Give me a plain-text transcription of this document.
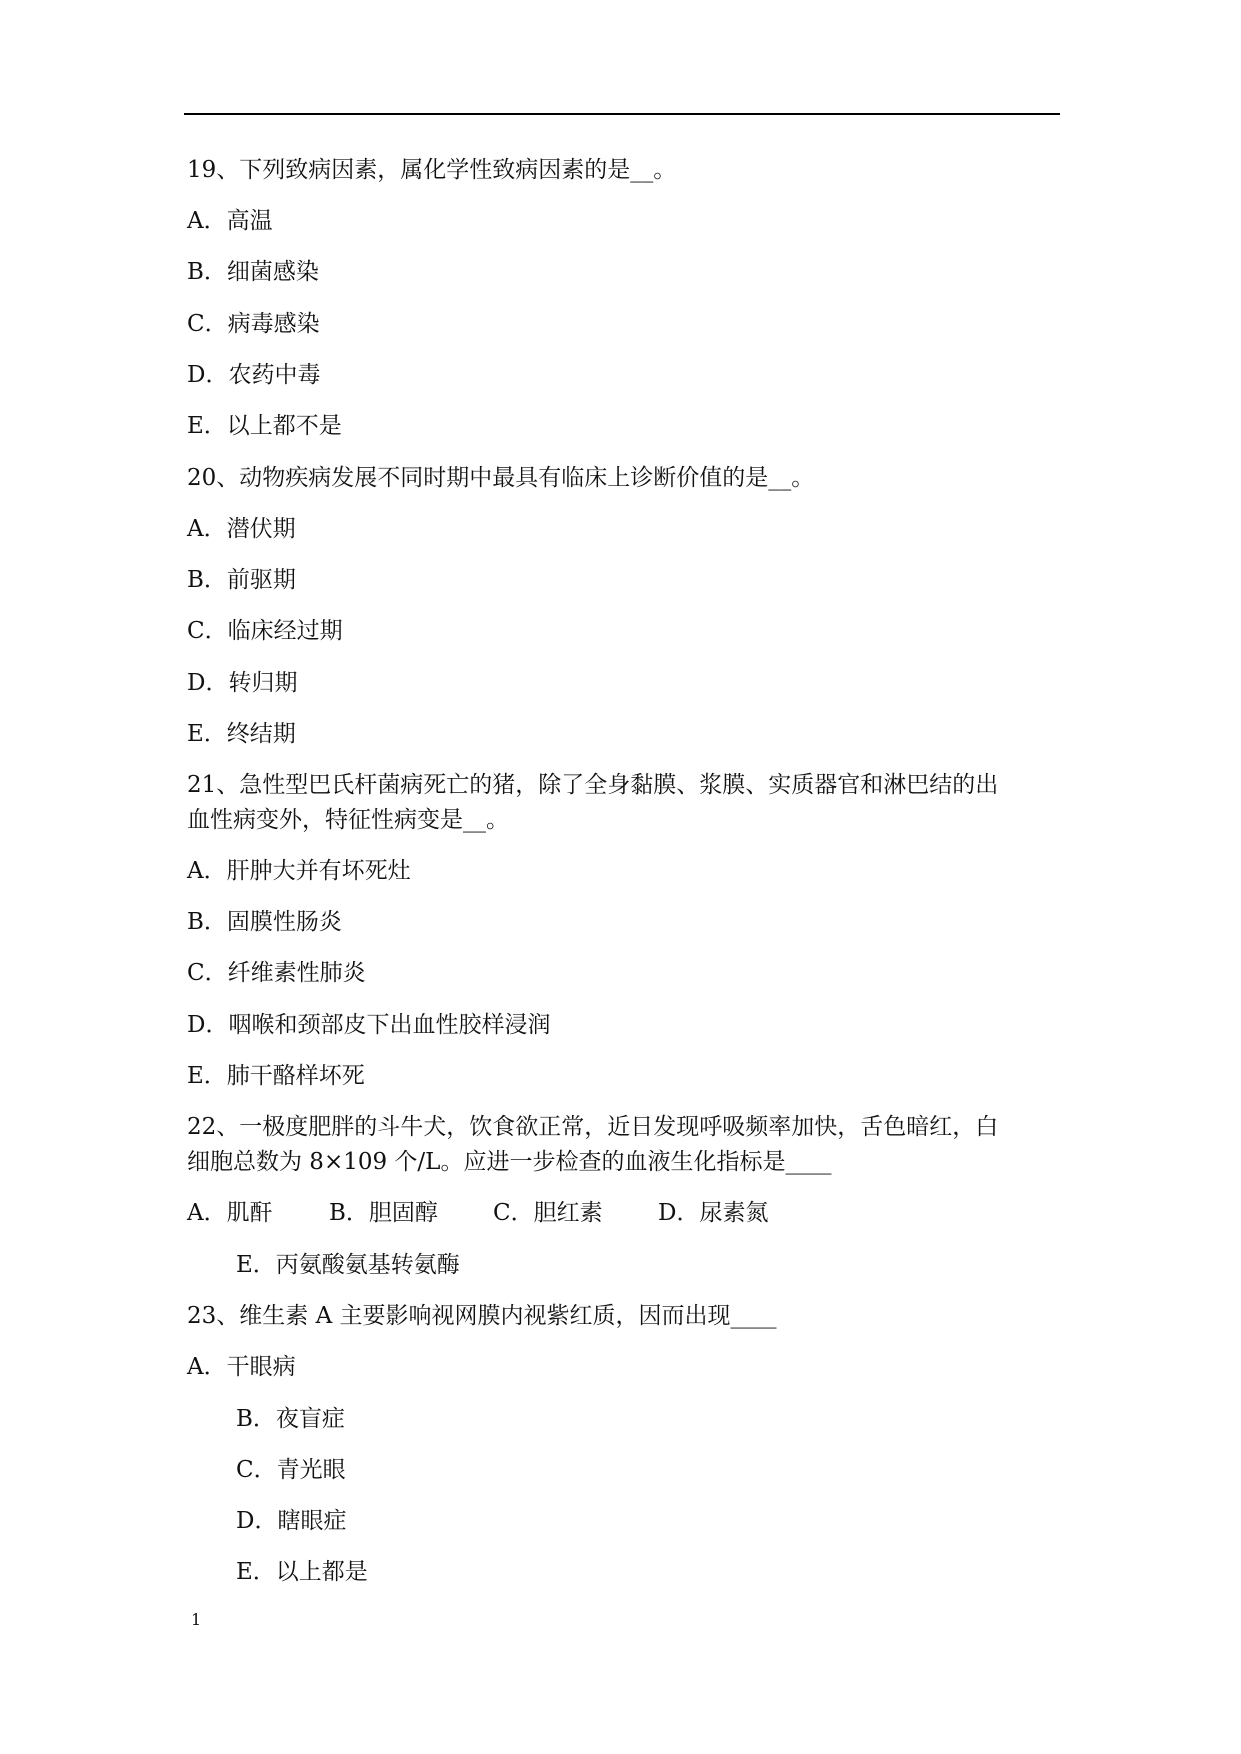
19、下列致病因素，属化学性致病因素的是__。
A．高温
B．细菌感染
C．病毒感染
D．农药中毒
E．以上都不是
20、动物疾病发展不同时期中最具有临床上诊断价值的是__。
A．潜伏期
B．前驱期
C．临床经过期
D．转归期
E．终结期
21、急性型巴氏杆菌病死亡的猪，除了全身黏膜、浆膜、实质器官和淋巴结的出
血性病变外，特征性病变是__。
A．肝肿大并有坏死灶
B．固膜性肠炎
C．纤维素性肺炎
D．咽喉和颈部皮下出血性胶样浸润
E．肺干酪样坏死
22、一极度肥胖的斗牛犬，饮食欲正常，近日发现呼吸频率加快，舌色暗红，白
细胞总数为 8×109 个/L。应进一步检查的血液生化指标是____
A．肌酐 B．胆固醇 C．胆红素 D．尿素氮
E．丙氨酸氨基转氨酶
23、维生素 A 主要影响视网膜内视紫红质，因而出现____
A．干眼病
B．夜盲症
C．青光眼
D．瞎眼症
E．以上都是
1
